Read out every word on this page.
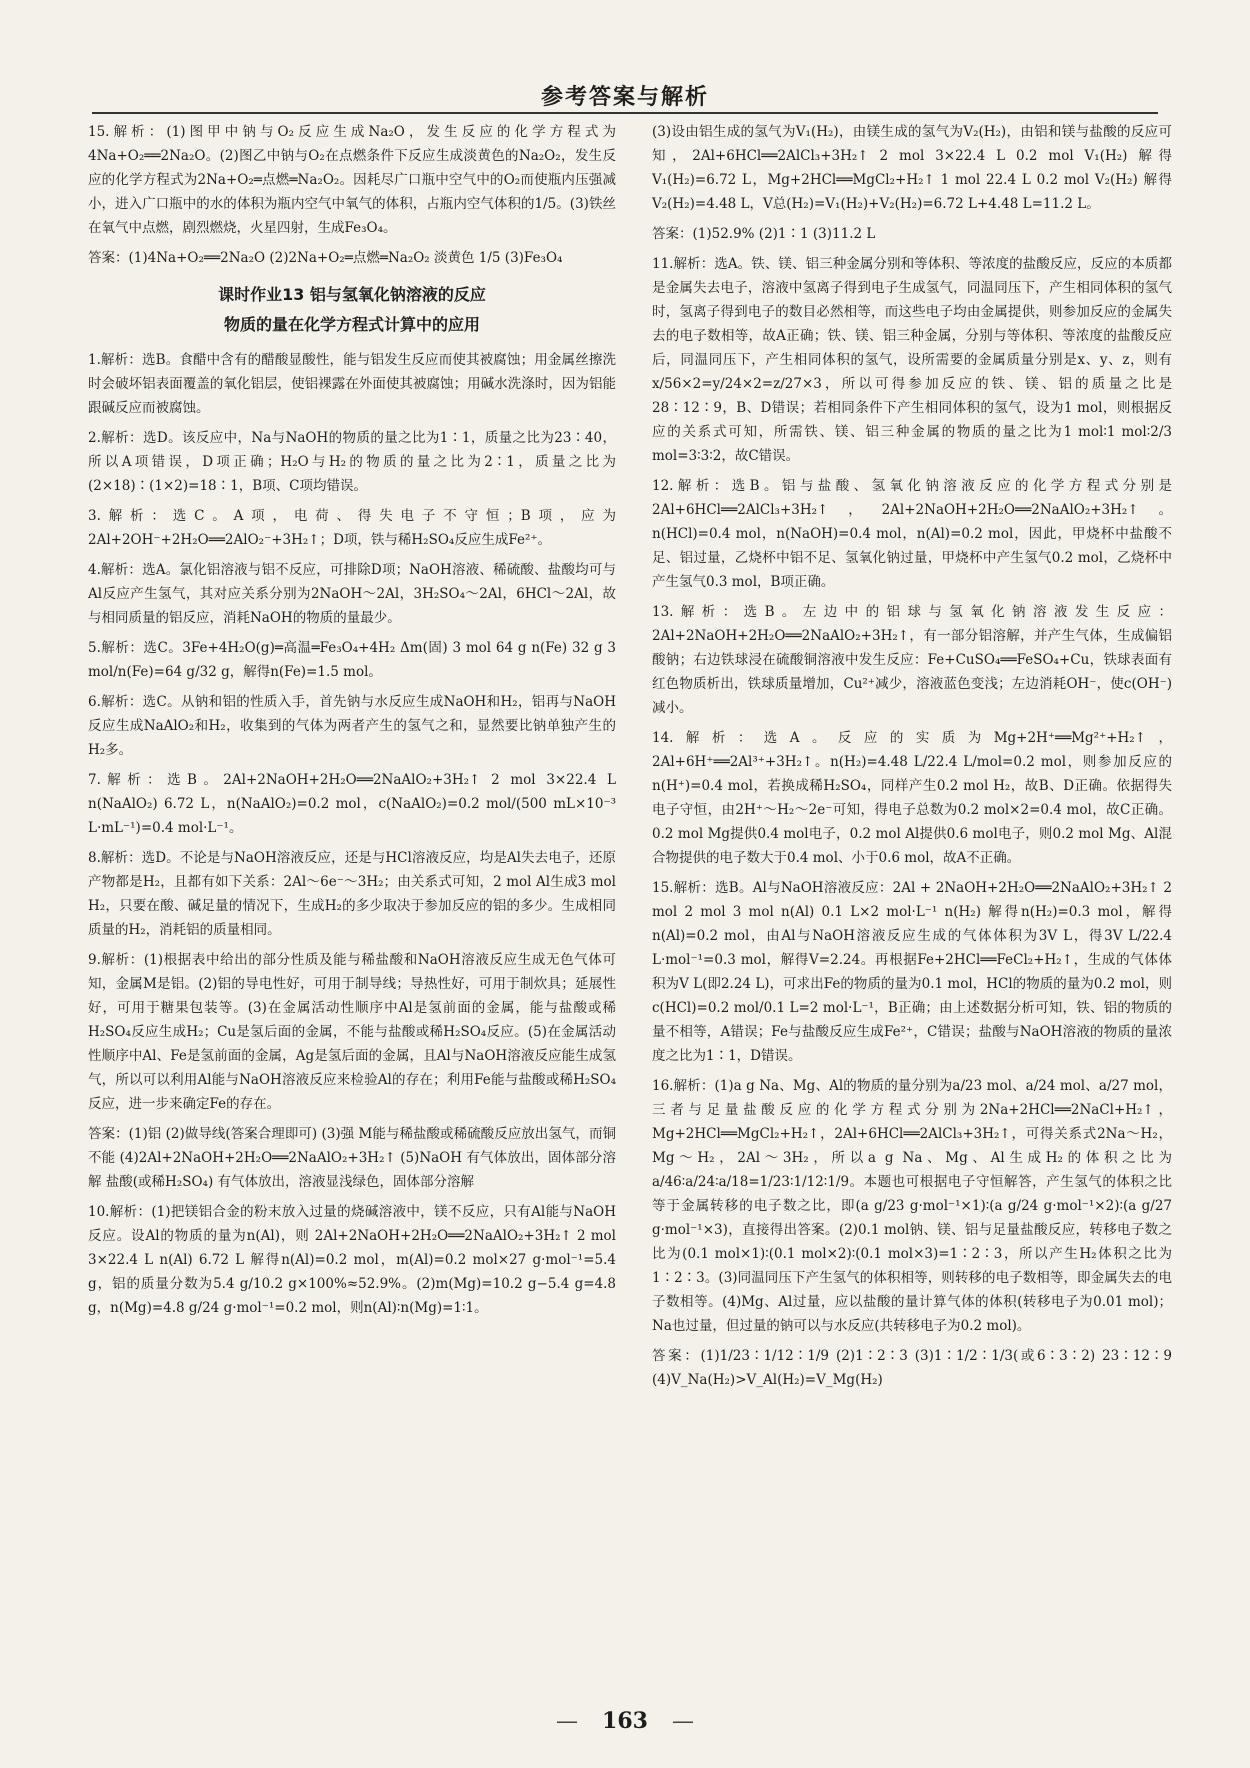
参考答案与解析

15.解析：(1)图甲中钠与O₂反应生成Na₂O，发生反应的化学方程式为4Na+O₂══2Na₂O。(2)图乙中钠与O₂在点燃条件下反应生成淡黄色的Na₂O₂，发生反应的化学方程式为2Na+O₂═点燃═Na₂O₂。因耗尽广口瓶中空气中的O₂而使瓶内压强减小，进入广口瓶中的水的体积为瓶内空气中氧气的体积，占瓶内空气体积的1/5。(3)铁丝在氧气中点燃，剧烈燃烧，火星四射，生成Fe₃O₄。

答案：(1)4Na+O₂══2Na₂O (2)2Na+O₂═点燃═Na₂O₂ 淡黄色 1/5 (3)Fe₃O₄

课时作业13 铝与氢氧化钠溶液的反应
物质的量在化学方程式计算中的应用

1.解析：选B。食醋中含有的醋酸显酸性，能与铝发生反应而使其被腐蚀；用金属丝擦洗时会破坏铝表面覆盖的氧化铝层，使铝裸露在外面使其被腐蚀；用碱水洗涤时，因为铝能跟碱反应而被腐蚀。

2.解析：选D。该反应中，Na与NaOH的物质的量之比为1∶1，质量之比为23∶40，所以A项错误，D项正确；H₂O与H₂的物质的量之比为2∶1，质量之比为(2×18)∶(1×2)=18∶1，B项、C项均错误。

3.解析：选C。A项，电荷、得失电子不守恒；B项，应为2Al+2OH⁻+2H₂O══2AlO₂⁻+3H₂↑；D项，铁与稀H₂SO₄反应生成Fe²⁺。

4.解析：选A。氯化铝溶液与铝不反应，可排除D项；NaOH溶液、稀硫酸、盐酸均可与Al反应产生氢气，其对应关系分别为2NaOH～2Al，3H₂SO₄～2Al，6HCl～2Al，故与相同质量的铝反应，消耗NaOH的物质的量最少。

5.解析：选C。3Fe+4H₂O(g)═高温═Fe₃O₄+4H₂ Δm(固) 3 mol 64 g n(Fe) 32 g 3 mol/n(Fe)=64 g/32 g，解得n(Fe)=1.5 mol。

6.解析：选C。从钠和铝的性质入手，首先钠与水反应生成NaOH和H₂，铝再与NaOH反应生成NaAlO₂和H₂，收集到的气体为两者产生的氢气之和，显然要比钠单独产生的H₂多。

7.解析：选B。2Al+2NaOH+2H₂O══2NaAlO₂+3H₂↑ 2 mol 3×22.4 L n(NaAlO₂) 6.72 L，n(NaAlO₂)=0.2 mol，c(NaAlO₂)=0.2 mol/(500 mL×10⁻³ L·mL⁻¹)=0.4 mol·L⁻¹。

8.解析：选D。不论是与NaOH溶液反应，还是与HCl溶液反应，均是Al失去电子，还原产物都是H₂，且都有如下关系：2Al～6e⁻～3H₂；由关系式可知，2 mol Al生成3 mol H₂，只要在酸、碱足量的情况下，生成H₂的多少取决于参加反应的铝的多少。生成相同质量的H₂，消耗铝的质量相同。

9.解析：(1)根据表中给出的部分性质及能与稀盐酸和NaOH溶液反应生成无色气体可知，金属M是铝。(2)铝的导电性好，可用于制导线；导热性好，可用于制炊具；延展性好，可用于糖果包装等。(3)在金属活动性顺序中Al是氢前面的金属，能与盐酸或稀H₂SO₄反应生成H₂；Cu是氢后面的金属，不能与盐酸或稀H₂SO₄反应。(5)在金属活动性顺序中Al、Fe是氢前面的金属，Ag是氢后面的金属，且Al与NaOH溶液反应能生成氢气，所以可以利用Al能与NaOH溶液反应来检验Al的存在；利用Fe能与盐酸或稀H₂SO₄反应，进一步来确定Fe的存在。

答案：(1)铝 (2)做导线(答案合理即可) (3)强 M能与稀盐酸或稀硫酸反应放出氢气，而铜不能 (4)2Al+2NaOH+2H₂O══2NaAlO₂+3H₂↑ (5)NaOH 有气体放出，固体部分溶解 盐酸(或稀H₂SO₄) 有气体放出，溶液显浅绿色，固体部分溶解

10.解析：(1)把镁铝合金的粉末放入过量的烧碱溶液中，镁不反应，只有Al能与NaOH反应。设Al的物质的量为n(Al)，则 2Al+2NaOH+2H₂O══2NaAlO₂+3H₂↑ 2 mol 3×22.4 L n(Al) 6.72 L 解得n(Al)=0.2 mol，m(Al)=0.2 mol×27 g·mol⁻¹=5.4 g，铝的质量分数为5.4 g/10.2 g×100%≈52.9%。(2)m(Mg)=10.2 g−5.4 g=4.8 g，n(Mg)=4.8 g/24 g·mol⁻¹=0.2 mol，则n(Al)∶n(Mg)=1∶1。

(3)设由铝生成的氢气为V₁(H₂)，由镁生成的氢气为V₂(H₂)，由铝和镁与盐酸的反应可知，2Al+6HCl══2AlCl₃+3H₂↑ 2 mol 3×22.4 L 0.2 mol V₁(H₂) 解得V₁(H₂)=6.72 L，Mg+2HCl══MgCl₂+H₂↑ 1 mol 22.4 L 0.2 mol V₂(H₂) 解得V₂(H₂)=4.48 L，V总(H₂)=V₁(H₂)+V₂(H₂)=6.72 L+4.48 L=11.2 L。

答案：(1)52.9% (2)1∶1 (3)11.2 L

11.解析：选A。铁、镁、铝三种金属分别和等体积、等浓度的盐酸反应，反应的本质都是金属失去电子，溶液中氢离子得到电子生成氢气，同温同压下，产生相同体积的氢气时，氢离子得到电子的数目必然相等，而这些电子均由金属提供，则参加反应的金属失去的电子数相等，故A正确；铁、镁、铝三种金属，分别与等体积、等浓度的盐酸反应后，同温同压下，产生相同体积的氢气，设所需要的金属质量分别是x、y、z，则有x/56×2=y/24×2=z/27×3，所以可得参加反应的铁、镁、铝的质量之比是28∶12∶9，B、D错误；若相同条件下产生相同体积的氢气，设为1 mol，则根据反应的关系式可知，所需铁、镁、铝三种金属的物质的量之比为1 mol∶1 mol∶2/3 mol=3∶3∶2，故C错误。

12.解析：选B。铝与盐酸、氢氧化钠溶液反应的化学方程式分别是2Al+6HCl══2AlCl₃+3H₂↑，2Al+2NaOH+2H₂O══2NaAlO₂+3H₂↑。n(HCl)=0.4 mol，n(NaOH)=0.4 mol，n(Al)=0.2 mol，因此，甲烧杯中盐酸不足、铝过量，乙烧杯中铝不足、氢氧化钠过量，甲烧杯中产生氢气0.2 mol，乙烧杯中产生氢气0.3 mol，B项正确。

13.解析：选B。左边中的铝球与氢氧化钠溶液发生反应：2Al+2NaOH+2H₂O══2NaAlO₂+3H₂↑，有一部分铝溶解，并产生气体，生成偏铝酸钠；右边铁球浸在硫酸铜溶液中发生反应：Fe+CuSO₄══FeSO₄+Cu，铁球表面有红色物质析出，铁球质量增加，Cu²⁺减少，溶液蓝色变浅；左边消耗OH⁻，使c(OH⁻)减小。

14.解析：选A。反应的实质为Mg+2H⁺══Mg²⁺+H₂↑，2Al+6H⁺══2Al³⁺+3H₂↑。n(H₂)=4.48 L/22.4 L/mol=0.2 mol，则参加反应的n(H⁺)=0.4 mol，若换成稀H₂SO₄，同样产生0.2 mol H₂，故B、D正确。依据得失电子守恒，由2H⁺～H₂～2e⁻可知，得电子总数为0.2 mol×2=0.4 mol，故C正确。0.2 mol Mg提供0.4 mol电子，0.2 mol Al提供0.6 mol电子，则0.2 mol Mg、Al混合物提供的电子数大于0.4 mol、小于0.6 mol，故A不正确。

15.解析：选B。Al与NaOH溶液反应：2Al + 2NaOH+2H₂O══2NaAlO₂+3H₂↑ 2 mol 2 mol 3 mol n(Al) 0.1 L×2 mol·L⁻¹ n(H₂) 解得n(H₂)=0.3 mol，解得n(Al)=0.2 mol，由Al与NaOH溶液反应生成的气体体积为3V L，得3V L/22.4 L·mol⁻¹=0.3 mol，解得V=2.24。再根据Fe+2HCl══FeCl₂+H₂↑，生成的气体体积为V L(即2.24 L)，可求出Fe的物质的量为0.1 mol，HCl的物质的量为0.2 mol，则c(HCl)=0.2 mol/0.1 L=2 mol·L⁻¹，B正确；由上述数据分析可知，铁、铝的物质的量不相等，A错误；Fe与盐酸反应生成Fe²⁺，C错误；盐酸与NaOH溶液的物质的量浓度之比为1∶1，D错误。

16.解析：(1)a g Na、Mg、Al的物质的量分别为a/23 mol、a/24 mol、a/27 mol，三者与足量盐酸反应的化学方程式分别为2Na+2HCl══2NaCl+H₂↑，Mg+2HCl══MgCl₂+H₂↑，2Al+6HCl══2AlCl₃+3H₂↑，可得关系式2Na～H₂，Mg～H₂，2Al～3H₂，所以a g Na、Mg、Al生成H₂的体积之比为a/46∶a/24∶a/18=1/23∶1/12∶1/9。本题也可根据电子守恒解答，产生氢气的体积之比等于金属转移的电子数之比，即(a g/23 g·mol⁻¹×1)∶(a g/24 g·mol⁻¹×2)∶(a g/27 g·mol⁻¹×3)，直接得出答案。(2)0.1 mol钠、镁、铝与足量盐酸反应，转移电子数之比为(0.1 mol×1)∶(0.1 mol×2)∶(0.1 mol×3)=1∶2∶3，所以产生H₂体积之比为1∶2∶3。(3)同温同压下产生氢气的体积相等，则转移的电子数相等，即金属失去的电子数相等。(4)Mg、Al过量，应以盐酸的量计算气体的体积(转移电子为0.01 mol)；Na也过量，但过量的钠可以与水反应(共转移电子为0.2 mol)。

答案：(1)1/23∶1/12∶1/9 (2)1∶2∶3 (3)1∶1/2∶1/3(或6∶3∶2) 23∶12∶9 (4)V_Na(H₂)>V_Al(H₂)=V_Mg(H₂)

— 163 —
